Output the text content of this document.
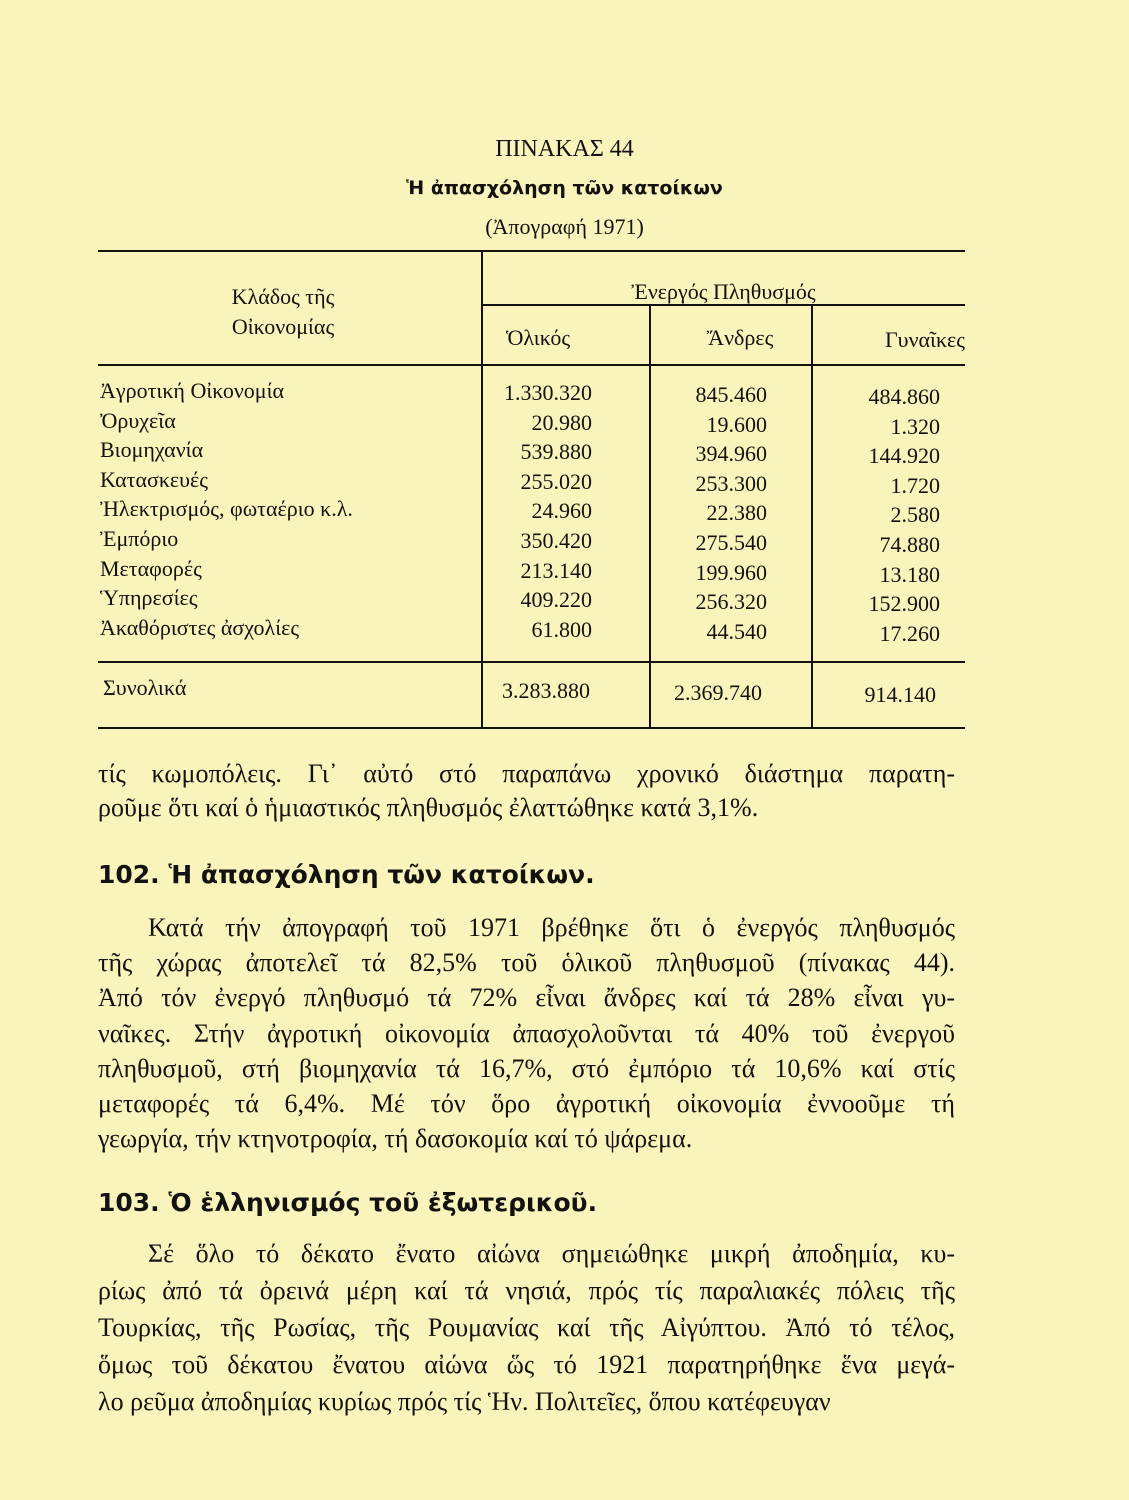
ΠΙΝΑΚΑΣ 44
Ἡ ἀπασχόληση τῶν κατοίκων
(Ἀπογραφή 1971)
Κλάδος τῆς
Οἰκονομίας
Ἐνεργός Πληθυσμός
Ὁλικός	Ἄνδρες	Γυναῖκες
Ἀγροτική Οἰκονομία	1.330.320	845.460	484.860
Ὀρυχεῖα	20.980	19.600	1.320
Βιομηχανία	539.880	394.960	144.920
Κατασκευές	255.020	253.300	1.720
Ἠλεκτρισμός, φωταέριο κ.λ.	24.960	22.380	2.580
Ἐμπόριο	350.420	275.540	74.880
Μεταφορές	213.140	199.960	13.180
Ὑπηρεσίες	409.220	256.320	152.900
Ἀκαθόριστες ἀσχολίες	61.800	44.540	17.260
Συνολικά	3.283.880	2.369.740	914.140
τίς κωμοπόλεις. Γι᾽ αὐτό στό παραπάνω χρονικό διάστημα παρατη-
ροῦμε ὅτι καί ὁ ἡμιαστικός πληθυσμός ἐλαττώθηκε κατά 3,1%.
102. Ἡ ἀπασχόληση τῶν κατοίκων.
Κατά τήν ἀπογραφή τοῦ 1971 βρέθηκε ὅτι ὁ ἐνεργός πληθυσμός
τῆς χώρας ἀποτελεῖ τά 82,5% τοῦ ὁλικοῦ πληθυσμοῦ (πίνακας 44).
Ἀπό τόν ἐνεργό πληθυσμό τά 72% εἶναι ἄνδρες καί τά 28% εἶναι γυ-
ναῖκες. Στήν ἀγροτική οἰκονομία ἀπασχολοῦνται τά 40% τοῦ ἐνεργοῦ
πληθυσμοῦ, στή βιομηχανία τά 16,7%, στό ἐμπόριο τά 10,6% καί στίς
μεταφορές τά 6,4%. Μέ τόν ὅρο ἀγροτική οἰκονομία ἐννοοῦμε τή
γεωργία, τήν κτηνοτροφία, τή δασοκομία καί τό ψάρεμα.
103. Ὁ ἑλληνισμός τοῦ ἐξωτερικοῦ.
Σέ ὅλο τό δέκατο ἔνατο αἰώνα σημειώθηκε μικρή ἀποδημία, κυ-
ρίως ἀπό τά ὀρεινά μέρη καί τά νησιά, πρός τίς παραλιακές πόλεις τῆς
Τουρκίας, τῆς Ρωσίας, τῆς Ρουμανίας καί τῆς Αἰγύπτου. Ἀπό τό τέλος,
ὅμως τοῦ δέκατου ἔνατου αἰώνα ὥς τό 1921 παρατηρήθηκε ἕνα μεγά-
λο ρεῦμα ἀποδημίας κυρίως πρός τίς Ἡν. Πολιτεῖες, ὅπου κατέφευγαν
